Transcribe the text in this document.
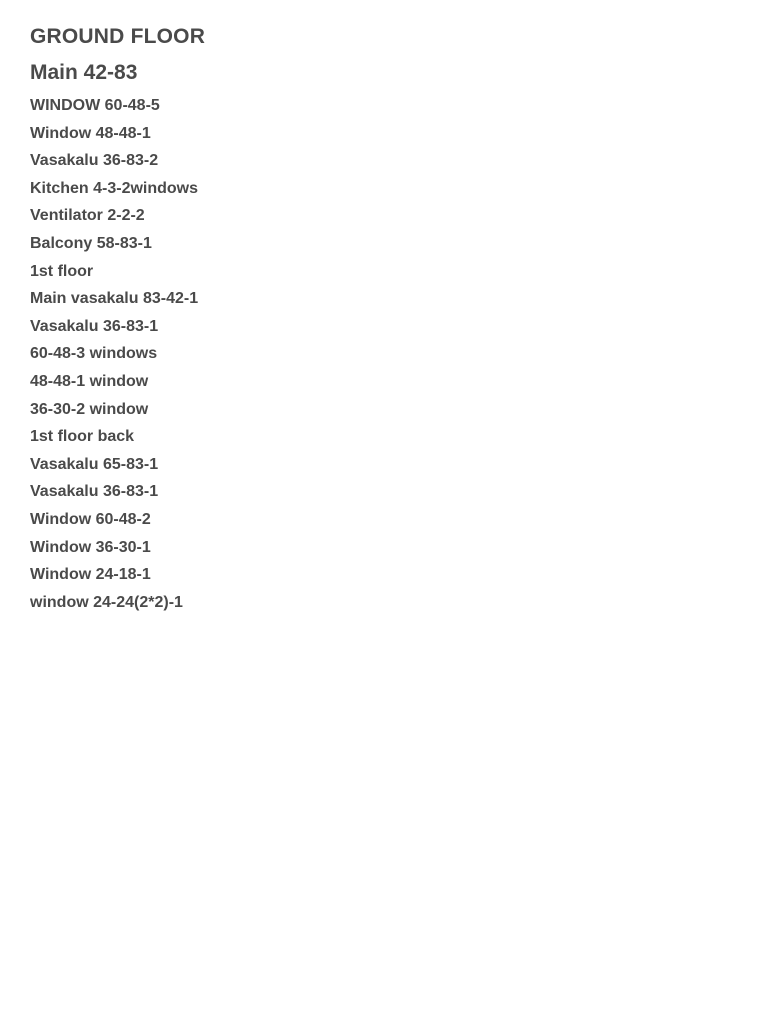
GROUND FLOOR
Main 42-83
WINDOW 60-48-5
Window 48-48-1
Vasakalu 36-83-2
Kitchen 4-3-2windows
Ventilator 2-2-2
Balcony 58-83-1
1st floor
Main vasakalu 83-42-1
Vasakalu 36-83-1
60-48-3 windows
48-48-1 window
36-30-2 window
1st floor back
Vasakalu 65-83-1
Vasakalu 36-83-1
Window 60-48-2
Window 36-30-1
Window 24-18-1
window 24-24(2*2)-1
